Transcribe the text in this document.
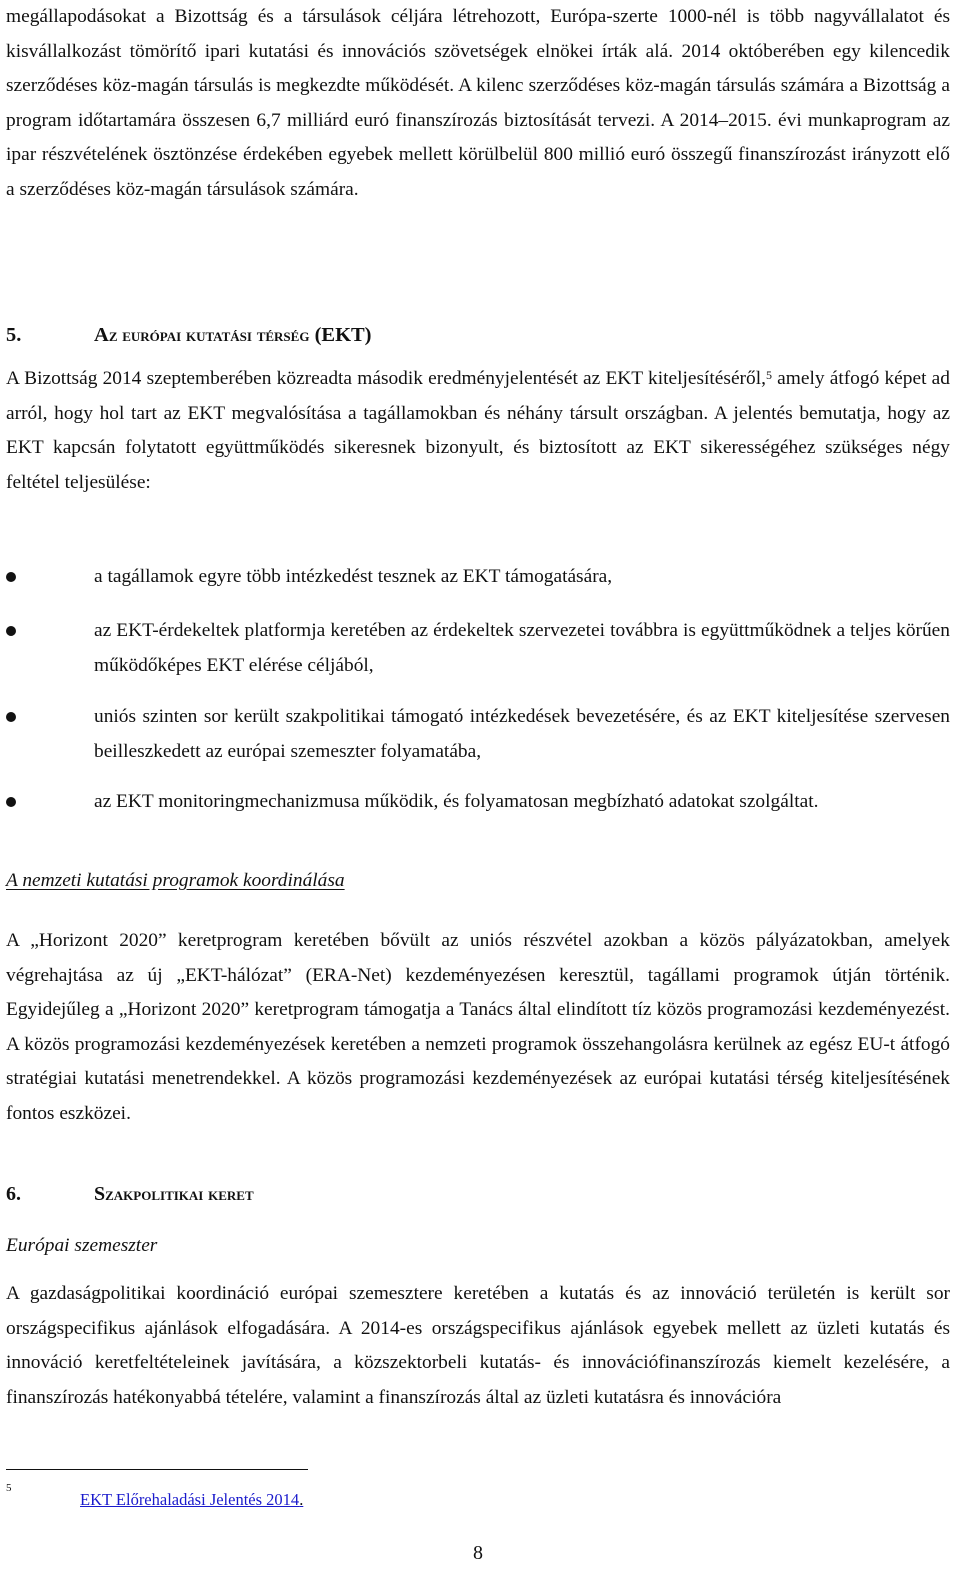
megállapodásokat a Bizottság és a társulások céljára létrehozott, Európa-szerte 1000-nél is több nagyvállalatot és kisvállalkozást tömörítő ipari kutatási és innovációs szövetségek elnökei írták alá. 2014 októberében egy kilencedik szerződéses köz-magán társulás is megkezdte működését. A kilenc szerződéses köz-magán társulás számára a Bizottság a program időtartamára összesen 6,7 milliárd euró finanszírozás biztosítását tervezi. A 2014–2015. évi munkaprogram az ipar részvételének ösztönzése érdekében egyebek mellett körülbelül 800 millió euró összegű finanszírozást irányzott elő a szerződéses köz-magán társulások számára.

5.	Az európai kutatási térség (EKT)

A Bizottság 2014 szeptemberében közreadta második eredményjelentését az EKT kiteljesítéséről,$^5$ amely átfogó képet ad arról, hogy hol tart az EKT megvalósítása a tagállamokban és néhány társult országban. A jelentés bemutatja, hogy az EKT kapcsán folytatott együttműködés sikeresnek bizonyult, és biztosított az EKT sikerességéhez szükséges négy feltétel teljesülése:

a tagállamok egyre több intézkedést tesznek az EKT támogatására,
az EKT-érdekeltek platformja keretében az érdekeltek szervezetei továbbra is együttműködnek a teljes körűen működőképes EKT elérése céljából,
uniós szinten sor került szakpolitikai támogató intézkedések bevezetésére, és az EKT kiteljesítése szervesen beilleszkedett az európai szemeszter folyamatába,
az EKT monitoringmechanizmusa működik, és folyamatosan megbízható adatokat szolgáltat.
A nemzeti kutatási programok koordinálása

A „Horizont 2020” keretprogram keretében bővült az uniós részvétel azokban a közös pályázatokban, amelyek végrehajtása az új „EKT-hálózat” (ERA-Net) kezdeményezésen keresztül, tagállami programok útján történik. Egyidejűleg a „Horizont 2020” keretprogram támogatja a Tanács által elindított tíz közös programozási kezdeményezést. A közös programozási kezdeményezések keretében a nemzeti programok összehangolásra kerülnek az egész EU-t átfogó stratégiai kutatási menetrendekkel. A közös programozási kezdeményezések az európai kutatási térség kiteljesítésének fontos eszközei.

6.	Szakpolitikai keret
Európai szemeszter

A gazdaságpolitikai koordináció európai szemesztere keretében a kutatás és az innováció területén is került sor országspecifikus ajánlások elfogadására. A 2014-es országspecifikus ajánlások egyebek mellett az üzleti kutatás és innováció keretfeltételeinek javítására, a közszektorbeli kutatás- és innovációfinanszírozás kiemelt kezelésére, a finanszírozás hatékonyabbá tételére, valamint a finanszírozás által az üzleti kutatásra és innovációra

5
EKT Előrehaladási Jelentés 2014.
8
